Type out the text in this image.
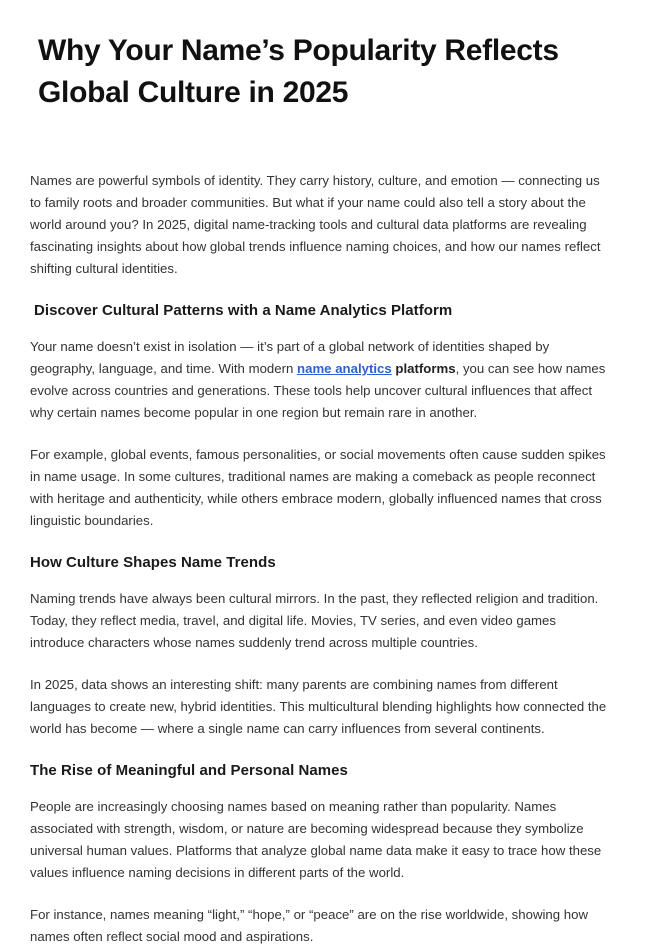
Why Your Name’s Popularity Reflects Global Culture in 2025

Names are powerful symbols of identity. They carry history, culture, and emotion — connecting us to family roots and broader communities. But what if your name could also tell a story about the world around you? In 2025, digital name-tracking tools and cultural data platforms are revealing fascinating insights about how global trends influence naming choices, and how our names reflect shifting cultural identities.

Discover Cultural Patterns with a Name Analytics Platform

Your name doesn’t exist in isolation — it’s part of a global network of identities shaped by geography, language, and time. With modern name analytics platforms, you can see how names evolve across countries and generations. These tools help uncover cultural influences that affect why certain names become popular in one region but remain rare in another.

For example, global events, famous personalities, or social movements often cause sudden spikes in name usage. In some cultures, traditional names are making a comeback as people reconnect with heritage and authenticity, while others embrace modern, globally influenced names that cross linguistic boundaries.

How Culture Shapes Name Trends

Naming trends have always been cultural mirrors. In the past, they reflected religion and tradition. Today, they reflect media, travel, and digital life. Movies, TV series, and even video games introduce characters whose names suddenly trend across multiple countries.

In 2025, data shows an interesting shift: many parents are combining names from different languages to create new, hybrid identities. This multicultural blending highlights how connected the world has become — where a single name can carry influences from several continents.

The Rise of Meaningful and Personal Names

People are increasingly choosing names based on meaning rather than popularity. Names associated with strength, wisdom, or nature are becoming widespread because they symbolize universal human values. Platforms that analyze global name data make it easy to trace how these values influence naming decisions in different parts of the world.

For instance, names meaning “light,” “hope,” or “peace” are on the rise worldwide, showing how names often reflect social mood and aspirations.
